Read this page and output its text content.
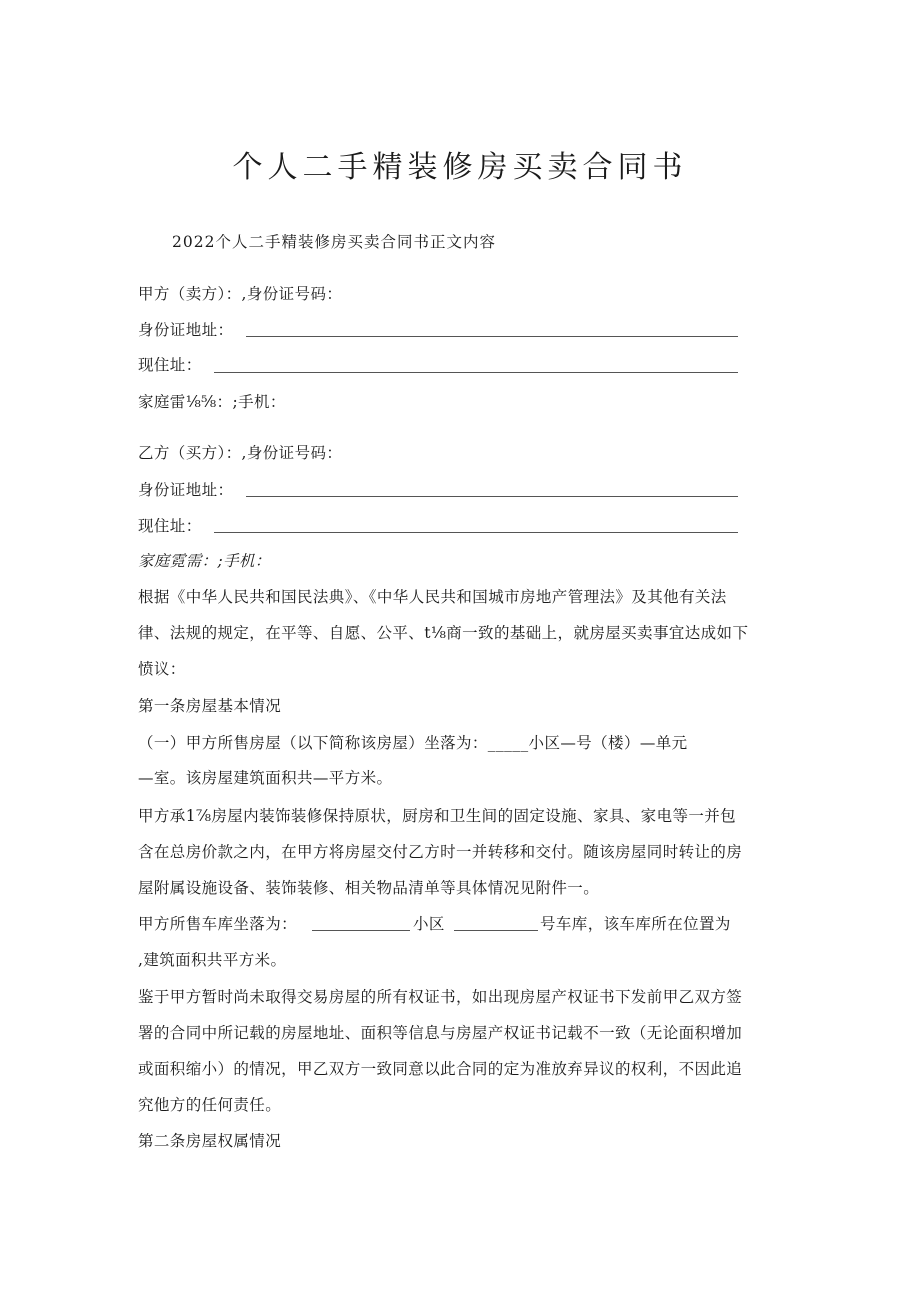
个人二手精装修房买卖合同书
2022个人二手精装修房买卖合同书正文内容
甲方（卖方）：,身份证号码：
身份证地址：
现住址：
家庭雷⅛⅝：;手机：
乙方（买方）：,身份证号码：
身份证地址：
现住址：
家庭霓需：;手机：
根据《中华人民共和国民法典》、《中华人民共和国城市房地产管理法》及其他有关法
律、法规的规定，在平等、自愿、公平、t⅛商一致的基础上，就房屋买卖事宜达成如下
愤议：
第一条房屋基本情况
（一）甲方所售房屋（以下简称该房屋）坐落为：_____小区—号（楼）—单元
—室。该房屋建筑面积共—平方米。
甲方承1⅞房屋内装饰装修保持原状，厨房和卫生间的固定设施、家具、家电等一并包
含在总房价款之内，在甲方将房屋交付乙方时一并转移和交付。随该房屋同时转让的房
屋附属设施设备、装饰装修、相关物品清单等具体情况见附件一。
甲方所售车库坐落为：	小区	号车库，该车库所在位置为
,建筑面积共平方米。
鉴于甲方暂时尚未取得交易房屋的所有权证书，如出现房屋产权证书下发前甲乙双方签
署的合同中所记载的房屋地址、面积等信息与房屋产权证书记载不一致（无论面积增加
或面积缩小）的情况，甲乙双方一致同意以此合同的定为准放弃异议的权利，不因此追
究他方的任何责任。
第二条房屋权属情况
